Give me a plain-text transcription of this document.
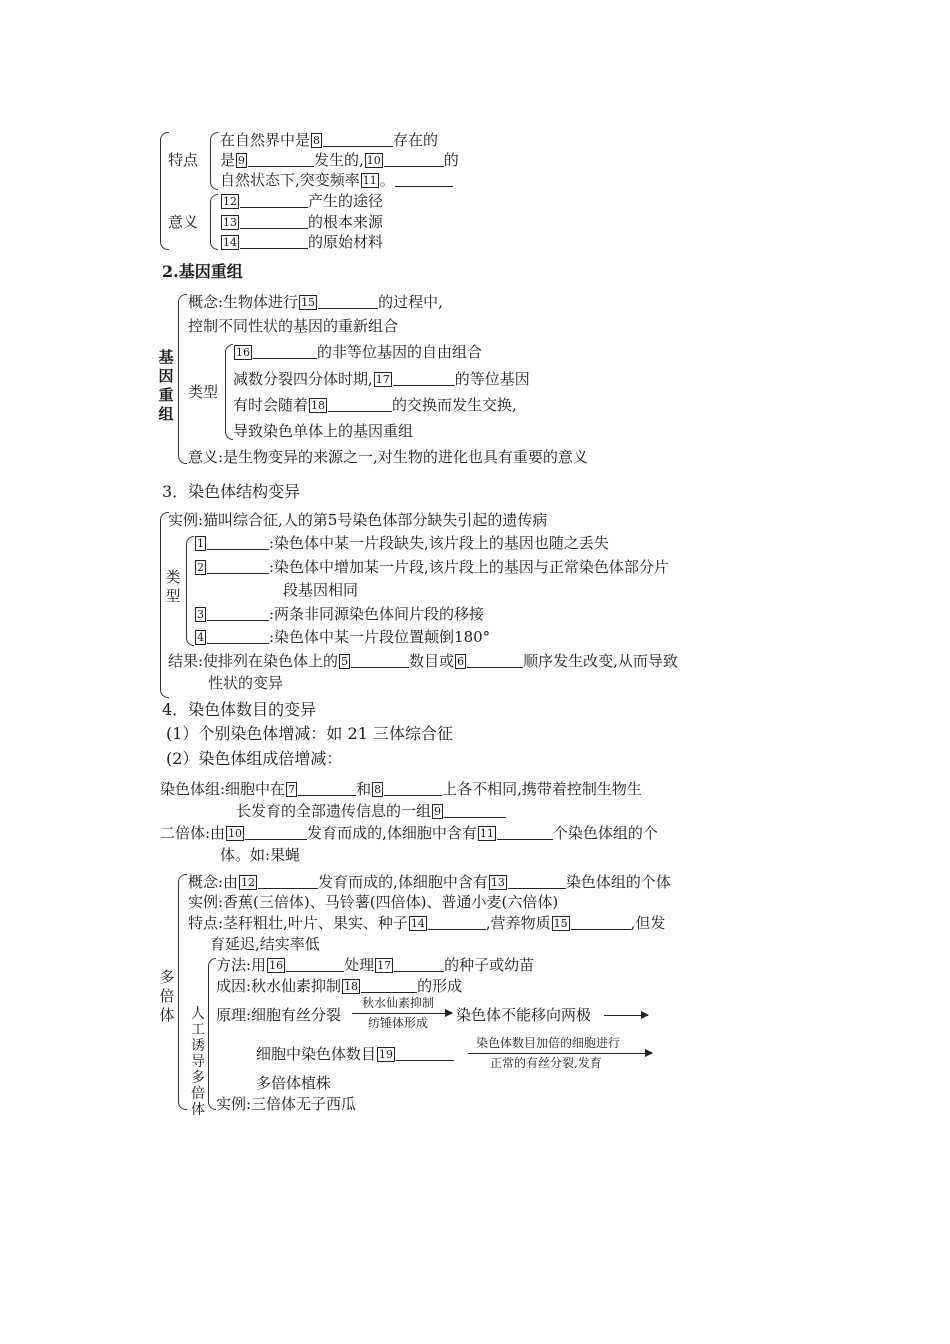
特点
在自然界中是 8	存在的
是 9	发生的, 10	的
自然状态下,突变频率 11 。
意义
12	产生的途径
13	的根本来源
14	的原始材料
2.基因重组
基
因
重
组
概念:生物体进行 15	的过程中,
控制不同性状的基因的重新组合
类型
16	的非等位基因的自由组合
减数分裂四分体时期, 17	的等位基因
有时会随着 18	的交换而发生交换,
导致染色单体上的基因重组
意义:是生物变异的来源之一,对生物的进化也具有重要的意义
3．染色体结构变异
实例:猫叫综合征,人的第5号染色体部分缺失引起的遗传病
类
型
1	:染色体中某一片段缺失,该片段上的基因也随之丢失
2	:染色体中增加某一片段,该片段上的基因与正常染色体部分片
段基因相同
3	:两条非同源染色体间片段的移接
4	:染色体中某一片段位置颠倒180°
结果:使排列在染色体上的 5	数目或 6	顺序发生改变,从而导致
性状的变异
4．染色体数目的变异
(1）个别染色体增减：如 21 三体综合征
(2）染色体组成倍增减：
染色体组:细胞中在 7	和 8	上各不相同,携带着控制生物生
长发育的全部遗传信息的一组 9
二倍体:由 10	发育而成的,体细胞中含有 11	个染色体组的个
体。如:果蝇
多
倍
体
概念:由 12	发育而成的,体细胞中含有 13	染色体组的个体
实例:香蕉(三倍体)、马铃薯(四倍体)、普通小麦(六倍体)
特点:茎秆粗壮,叶片、果实、种子 14	,营养物质 15	,但发
育延迟,结实率低
人
工
诱
导
多
倍
体
方法:用 16	处理 17	的种子或幼苗
成因:秋水仙素抑制 18	的形成
原理:细胞有丝分裂
秋水仙素抑制
纺锤体形成 染色体不能移向两极
细胞中染色体数目 19
染色体数目加倍的细胞进行
正常的有丝分裂,发育
多倍体植株
实例:三倍体无子西瓜
